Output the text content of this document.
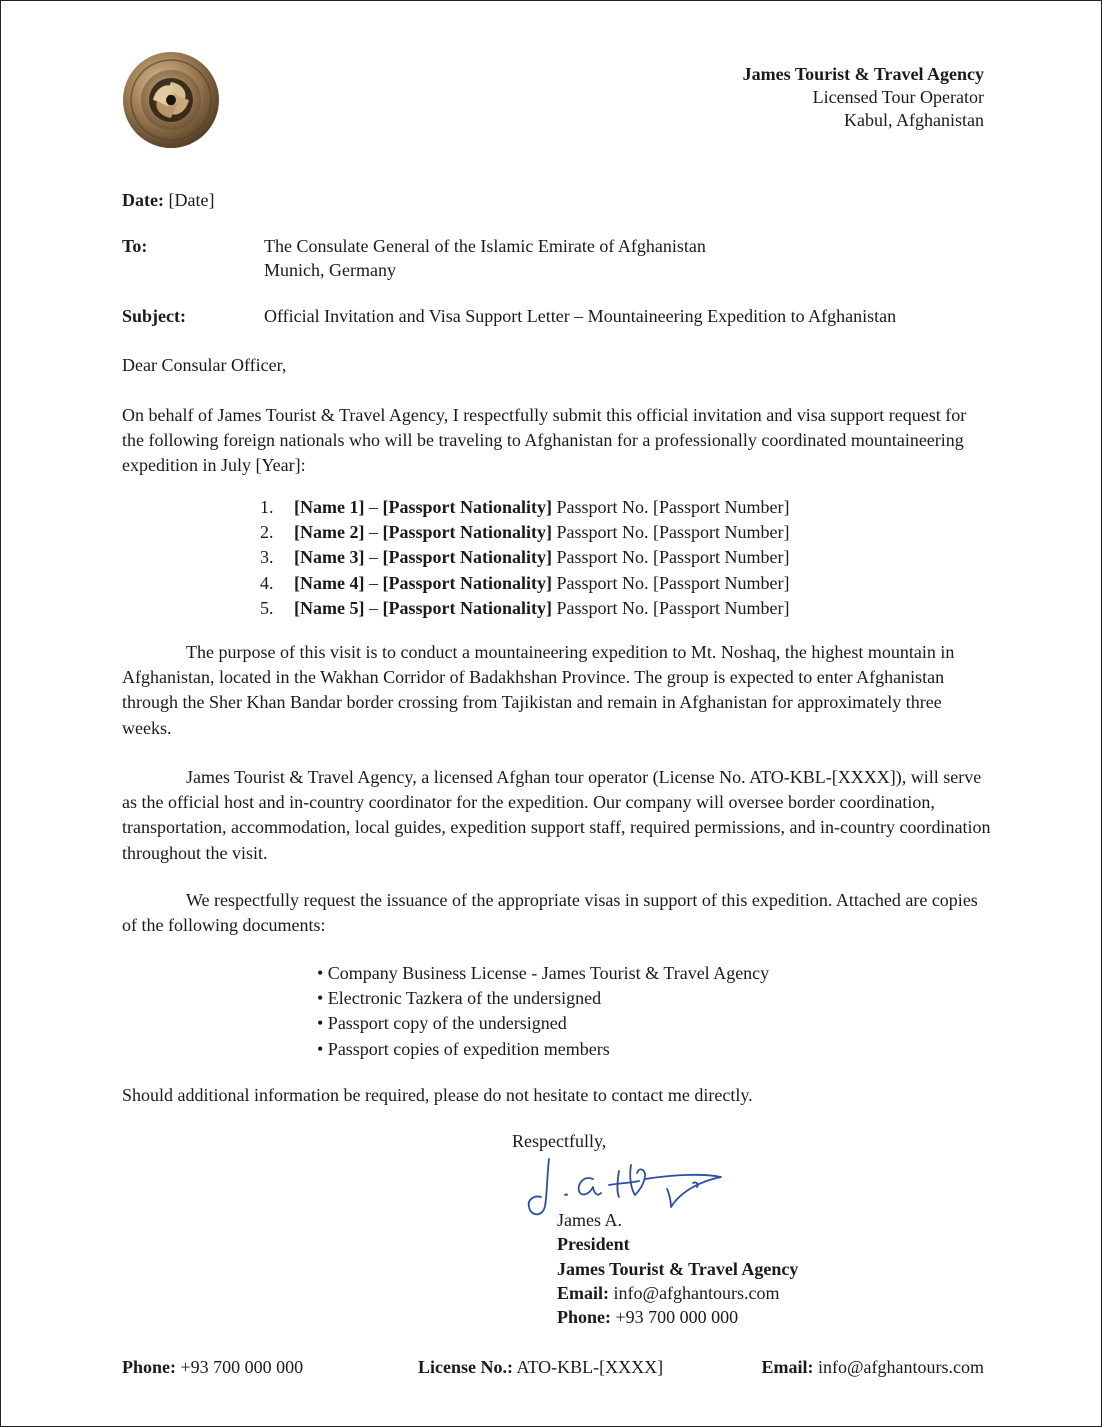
James Tourist & Travel Agency
Licensed Tour Operator
Kabul, Afghanistan
Date: [Date]
To:	The Consulate General of the Islamic Emirate of Afghanistan
Munich, Germany
Subject:	Official Invitation and Visa Support Letter – Mountaineering Expedition to Afghanistan
Dear Consular Officer,
On behalf of James Tourist & Travel Agency, I respectfully submit this official invitation and visa support request for the following foreign nationals who will be traveling to Afghanistan for a professionally coordinated mountaineering expedition in July [Year]:
1. [Name 1] – [Passport Nationality] Passport No. [Passport Number]
2. [Name 2] – [Passport Nationality] Passport No. [Passport Number]
3. [Name 3] – [Passport Nationality] Passport No. [Passport Number]
4. [Name 4] – [Passport Nationality] Passport No. [Passport Number]
5. [Name 5] – [Passport Nationality] Passport No. [Passport Number]
The purpose of this visit is to conduct a mountaineering expedition to Mt. Noshaq, the highest mountain in Afghanistan, located in the Wakhan Corridor of Badakhshan Province. The group is expected to enter Afghanistan through the Sher Khan Bandar border crossing from Tajikistan and remain in Afghanistan for approximately three weeks.
James Tourist & Travel Agency, a licensed Afghan tour operator (License No. ATO-KBL-[XXXX]), will serve as the official host and in-country coordinator for the expedition. Our company will oversee border coordination, transportation, accommodation, local guides, expedition support staff, required permissions, and in-country coordination throughout the visit.
We respectfully request the issuance of the appropriate visas in support of this expedition. Attached are copies of the following documents:
• Company Business License - James Tourist & Travel Agency
• Electronic Tazkera of the undersigned
• Passport copy of the undersigned
• Passport copies of expedition members
Should additional information be required, please do not hesitate to contact me directly.
Respectfully,
James A.
President
James Tourist & Travel Agency
Email: info@afghantours.com
Phone: +93 700 000 000
Phone: +93 700 000 000	License No.: ATO-KBL-[XXXX]	Email: info@afghantours.com
